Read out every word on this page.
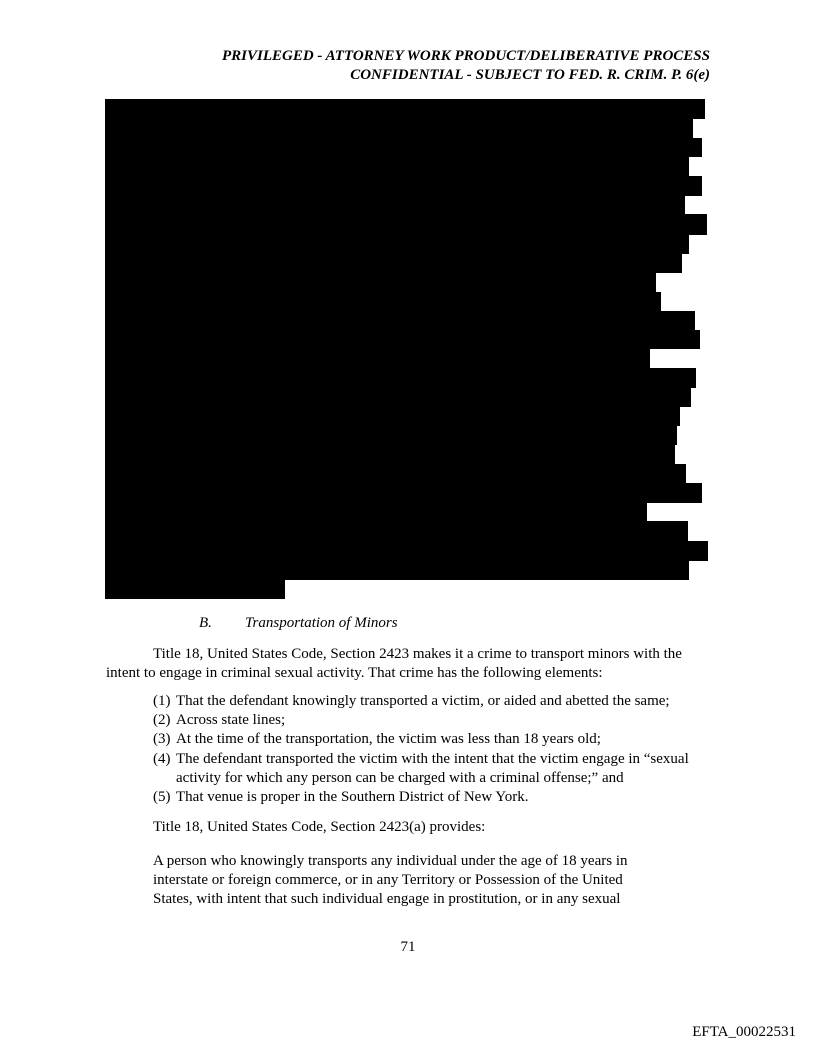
PRIVILEGED - ATTORNEY WORK PRODUCT/DELIBERATIVE PROCESS
CONFIDENTIAL - SUBJECT TO FED. R. CRIM. P. 6(e)
B. Transportation of Minors
Title 18, United States Code, Section 2423 makes it a crime to transport minors with the intent to engage in criminal sexual activity. That crime has the following elements:
(1) That the defendant knowingly transported a victim, or aided and abetted the same;
(2) Across state lines;
(3) At the time of the transportation, the victim was less than 18 years old;
(4) The defendant transported the victim with the intent that the victim engage in “sexual activity for which any person can be charged with a criminal offense;” and
(5) That venue is proper in the Southern District of New York.
Title 18, United States Code, Section 2423(a) provides:
A person who knowingly transports any individual under the age of 18 years in interstate or foreign commerce, or in any Territory or Possession of the United States, with intent that such individual engage in prostitution, or in any sexual
71
EFTA_00022531
